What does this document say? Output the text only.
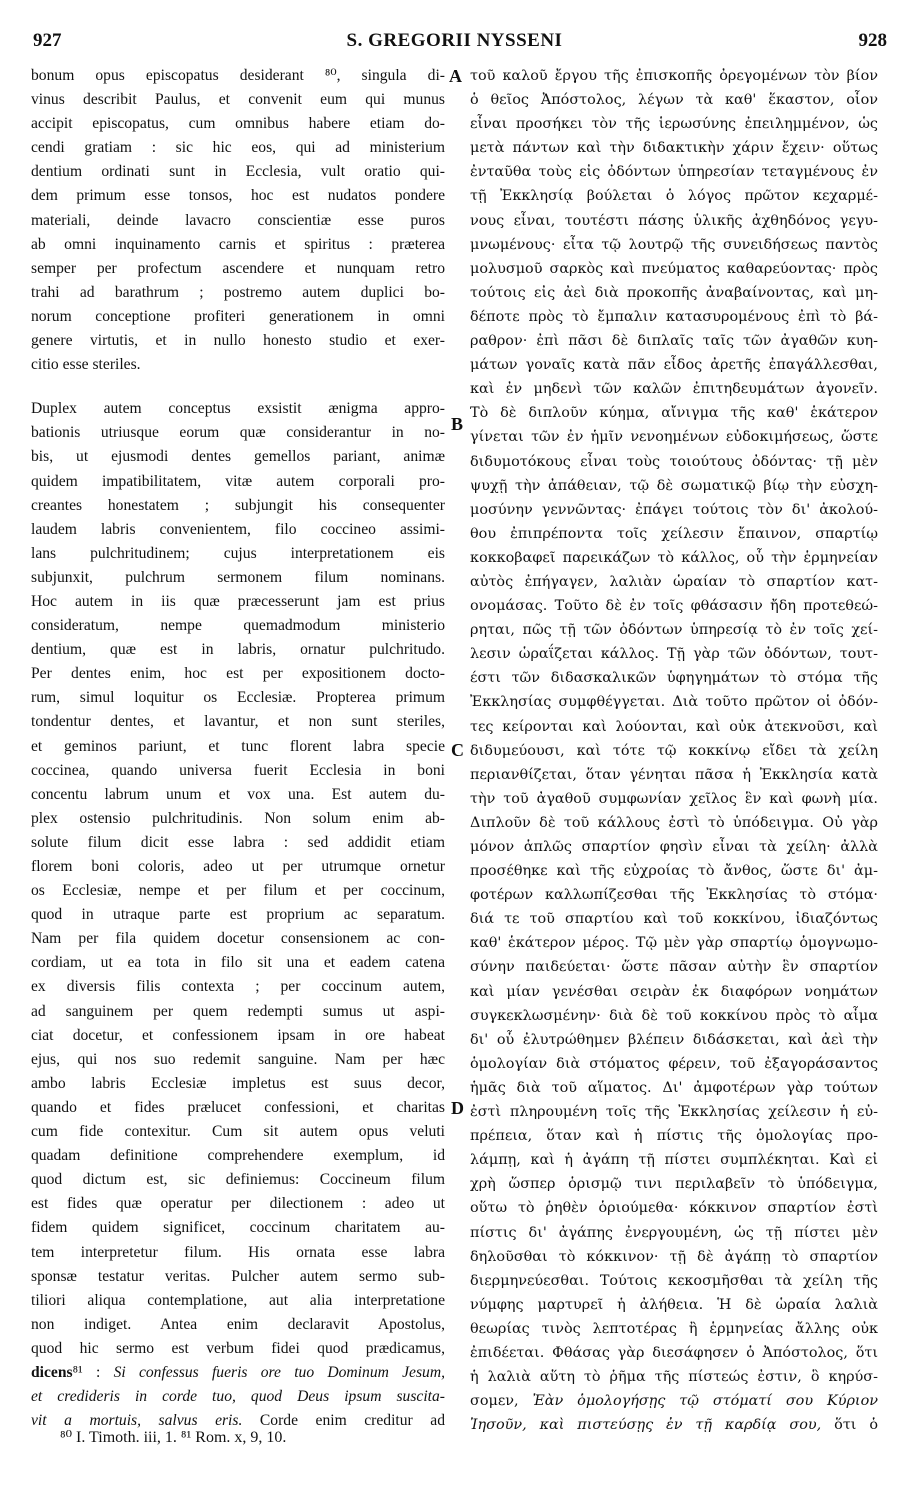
927	S. GREGORII NYSSENI	928
bonum opus episcopatus desiderant ⁸⁰, singula di-
vinus describit Paulus, et convenit eum qui munus
accipit episcopatus, cum omnibus habere etiam do-
cendi gratiam : sic hic eos, qui ad ministerium
dentium ordinati sunt in Ecclesia, vult oratio qui-
dem primum esse tonsos, hoc est nudatos pondere
materiali, deinde lavacro conscientiæ esse puros
ab omni inquinamento carnis et spiritus : præterea
semper per profectum ascendere et nunquam retro
trahi ad barathrum ; postremo autem duplici bo-
norum conceptione profiteri generationem in omni
genere virtutis, et in nullo honesto studio et exer-
citio esse steriles.
Duplex autem conceptus exsistit ænigma appro-
bationis utriusque eorum quæ considerantur in no-
bis, ut ejusmodi dentes gemellos pariant, animæ
quidem impatibilitatem, vitæ autem corporali pro-
creantes honestatem ; subjungit his consequenter
laudem labris convenientem, filo coccineo assimi-
lans pulchritudinem; cujus interpretationem eis
subjunxit, pulchrum sermonem filum nominans.
Hoc autem in iis quæ præcesserunt jam est prius
consideratum, nempe quemadmodum ministerio
dentium, quæ est in labris, ornatur pulchritudo.
Per dentes enim, hoc est per expositionem docto-
rum, simul loquitur os Ecclesiæ. Propterea primum
tondentur dentes, et lavantur, et non sunt steriles,
et geminos pariunt, et tunc florent labra specie
coccinea, quando universa fuerit Ecclesia in boni
concentu labrum unum et vox una. Est autem du-
plex ostensio pulchritudinis. Non solum enim ab-
solute filum dicit esse labra : sed addidit etiam
florem boni coloris, adeo ut per utrumque ornetur
os Ecclesiæ, nempe et per filum et per coccinum,
quod in utraque parte est proprium ac separatum.
Nam per fila quidem docetur consensionem ac con-
cordiam, ut ea tota in filo sit una et eadem catena
ex diversis filis contexta ; per coccinum autem,
ad sanguinem per quem redempti sumus ut aspi-
ciat docetur, et confessionem ipsam in ore habeat
ejus, qui nos suo redemit sanguine. Nam per hæc
ambo labris Ecclesiæ impletus est suus decor,
quando et fides prælucet confessioni, et charitas
cum fide contexitur. Cum sit autem opus veluti
quadam definitione comprehendere exemplum, id
quod dictum est, sic definiemus: Coccineum filum
est fides quæ operatur per dilectionem : adeo ut
fidem quidem significet, coccinum charitatem au-
tem interpretetur filum. His ornata esse labra
sponsæ testatur veritas. Pulcher autem sermo sub-
tiliori aliqua contemplatione, aut alia interpretatione
non indiget. Antea enim declaravit Apostolus,
quod hic sermo est verbum fidei quod prædicamus,
dicens⁸¹ : Si confessus fueris ore tuo Dominum Jesum,
et credideris in corde tuo, quod Deus ipsum suscita-
vit a mortuis, salvus eris. Corde enim creditur ad
τοῦ καλοῦ ἔργου τῆς ἐπισκοπῆς ὀρεγομένων τὸν βίον
ὁ θεῖος Ἀπόστολος, λέγων τὰ καθ' ἕκαστον, οἷον
εἶναι προσήκει τὸν τῆς ἱερωσύνης ἐπειλημμένον, ὡς
μετὰ πάντων καὶ τὴν διδακτικὴν χάριν ἔχειν· οὕτως
ἐνταῦθα τοὺς εἰς ὀδόντων ὑπηρεσίαν τεταγμένους ἐν
τῇ Ἐκκλησίᾳ βούλεται ὁ λόγος πρῶτον κεχαρμέ-
νους εἶναι, τουτέστι πάσης ὑλικῆς ἀχθηδόνος γεγυ-
μνωμένους· εἶτα τῷ λουτρῷ τῆς συνειδήσεως παντὸς
μολυσμοῦ σαρκὸς καὶ πνεύματος καθαρεύοντας· πρὸς
τούτοις εἰς ἀεὶ διὰ προκοπῆς ἀναβαίνοντας, καὶ μη-
δέποτε πρὸς τὸ ἔμπαλιν κατασυρομένους ἐπὶ τὸ βά-
ραθρον· ἐπὶ πᾶσι δὲ διπλαῖς ταῖς τῶν ἀγαθῶν κυη-
μάτων γοναῖς κατὰ πᾶν εἶδος ἀρετῆς ἐπαγάλλεσθαι,
καὶ ἐν μηδενὶ τῶν καλῶν ἐπιτηδευμάτων ἀγονεῖν.
Τὸ δὲ διπλοῦν κύημα, αἴνιγμα τῆς καθ' ἑκάτερον
γίνεται τῶν ἐν ἡμῖν νενοημένων εὐδοκιμήσεως, ὥστε
διδυμοτόκους εἶναι τοὺς τοιούτους ὀδόντας· τῇ μὲν
ψυχῇ τὴν ἀπάθειαν, τῷ δὲ σωματικῷ βίῳ τὴν εὐσχη-
μοσύνην γεννῶντας· ἐπάγει τούτοις τὸν δι' ἀκολού-
θου ἐπιπρέποντα τοῖς χείλεσιν ἔπαινον, σπαρτίῳ
κοκκοβαφεῖ παρεικάζων τὸ κάλλος, οὗ τὴν ἑρμηνείαν
αὐτὸς ἐπήγαγεν, λαλιὰν ὡραίαν τὸ σπαρτίον κατ-
ονομάσας. Τοῦτο δὲ ἐν τοῖς φθάσασιν ἤδη προτεθεώ-
ρηται, πῶς τῇ τῶν ὀδόντων ὑπηρεσίᾳ τὸ ἐν τοῖς χεί-
λεσιν ὡραΐζεται κάλλος. Τῇ γὰρ τῶν ὀδόντων, τουτ-
έστι τῶν διδασκαλικῶν ὑφηγημάτων τὸ στόμα τῆς
Ἐκκλησίας συμφθέγγεται. Διὰ τοῦτο πρῶτον οἱ ὀδόν-
τες κείρονται καὶ λούονται, καὶ οὐκ ἀτεκνοῦσι, καὶ
διδυμεύουσι, καὶ τότε τῷ κοκκίνῳ εἴδει τὰ χείλη
περιανθίζεται, ὅταν γένηται πᾶσα ἡ Ἐκκλησία κατὰ
τὴν τοῦ ἀγαθοῦ συμφωνίαν χεῖλος ἓν καὶ φωνὴ μία.
Διπλοῦν δὲ τοῦ κάλλους ἐστὶ τὸ ὑπόδειγμα. Οὐ γὰρ
μόνον ἁπλῶς σπαρτίον φησὶν εἶναι τὰ χείλη· ἀλλὰ
προσέθηκε καὶ τῆς εὐχροίας τὸ ἄνθος, ὥστε δι' ἀμ-
φοτέρων καλλωπίζεσθαι τῆς Ἐκκλησίας τὸ στόμα·
διά τε τοῦ σπαρτίου καὶ τοῦ κοκκίνου, ἰδιαζόντως
καθ' ἑκάτερον μέρος. Τῷ μὲν γὰρ σπαρτίῳ ὁμογνωμο-
σύνην παιδεύεται· ὥστε πᾶσαν αὐτὴν ἓν σπαρτίον
καὶ μίαν γενέσθαι σειρὰν ἐκ διαφόρων νοημάτων
συγκεκλωσμένην· διὰ δὲ τοῦ κοκκίνου πρὸς τὸ αἷμα
δι' οὗ ἐλυτρώθημεν βλέπειν διδάσκεται, καὶ ἀεὶ τὴν
ὁμολογίαν διὰ στόματος φέρειν, τοῦ ἐξαγοράσαντος
ἡμᾶς διὰ τοῦ αἵματος. Δι' ἀμφοτέρων γὰρ τούτων
ἐστὶ πληρουμένη τοῖς τῆς Ἐκκλησίας χείλεσιν ἡ εὐ-
πρέπεια, ὅταν καὶ ἡ πίστις τῆς ὁμολογίας προ-
λάμπῃ, καὶ ἡ ἀγάπη τῇ πίστει συμπλέκηται. Καὶ εἰ
χρὴ ὥσπερ ὁρισμῷ τινι περιλαβεῖν τὸ ὑπόδειγμα,
οὕτω τὸ ῥηθὲν ὁριούμεθα· κόκκινον σπαρτίον ἐστὶ
πίστις δι' ἀγάπης ἐνεργουμένη, ὡς τῇ πίστει μὲν
δηλοῦσθαι τὸ κόκκινον· τῇ δὲ ἀγάπῃ τὸ σπαρτίον
διερμηνεύεσθαι. Τούτοις κεκοσμῆσθαι τὰ χείλη τῆς
νύμφης μαρτυρεῖ ἡ ἀλήθεια. Ἡ δὲ ὡραία λαλιὰ
θεωρίας τινὸς λεπτοτέρας ἢ ἑρμηνείας ἄλλης οὐκ
ἐπιδέεται. Φθάσας γὰρ διεσάφησεν ὁ Ἀπόστολος, ὅτι
ἡ λαλιὰ αὕτη τὸ ῥῆμα τῆς πίστεώς ἐστιν, ὃ κηρύσ-
σομεν, Ἐὰν ὁμολογήσῃς τῷ στόματί σου Κύριον
Ἰησοῦν, καὶ πιστεύσῃς ἐν τῇ καρδίᾳ σου, ὅτι ὁ
A
B
C
D
⁸⁰ I. Timoth. iii, 1. ⁸¹ Rom. x, 9, 10.
